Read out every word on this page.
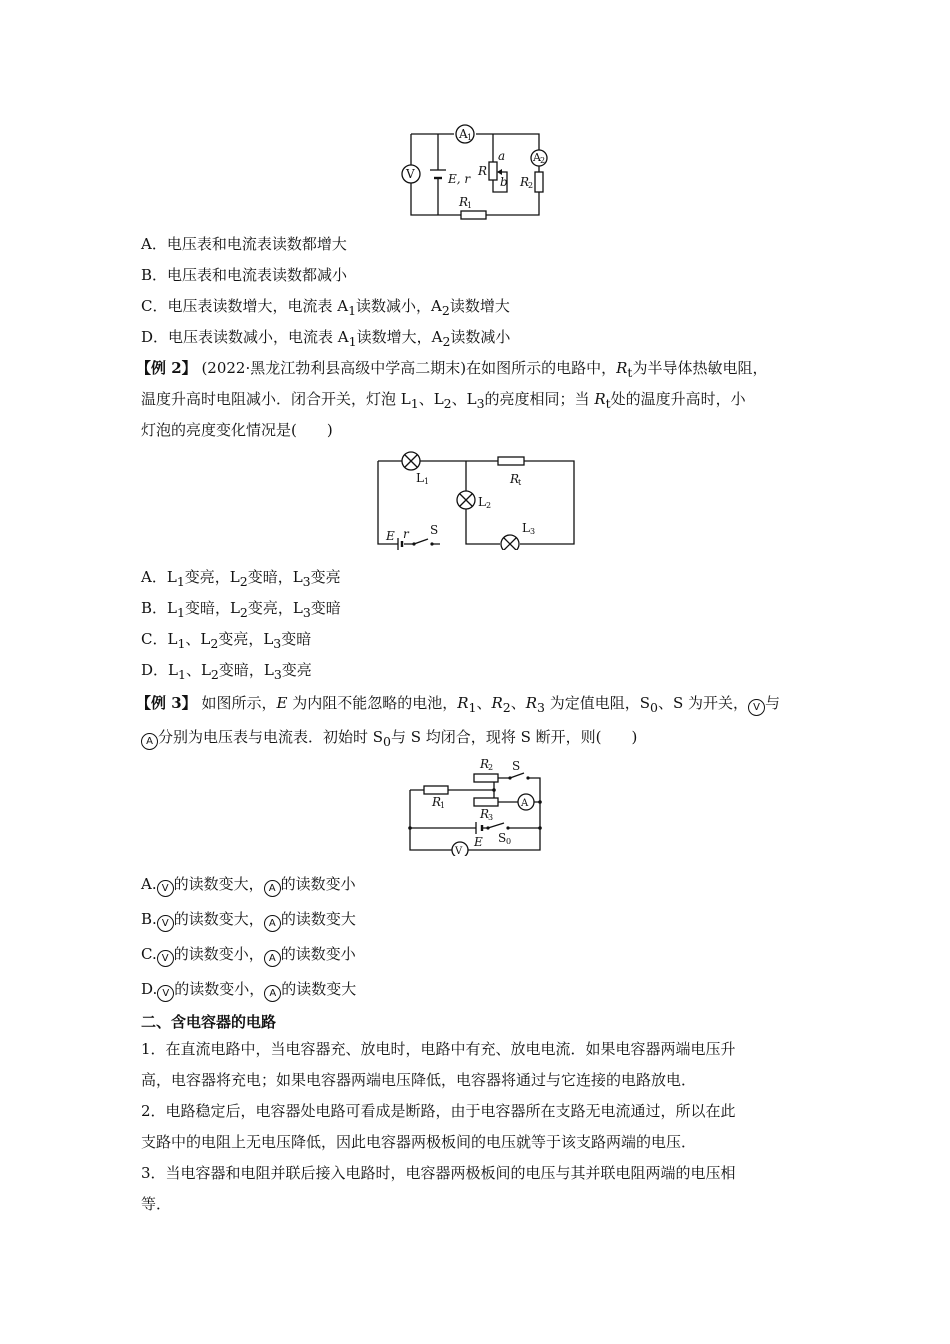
A 1
V
A 2
E, r
R
a
b R
2
R
1
A．电压表和电流表读数都增大
B．电压表和电流表读数都减小
C．电压表读数增大，电流表 $A_1$读数减小，$A_2$读数增大
D．电压表读数减小，电流表 $A_1$读数增大，$A_2$读数减小
【例 2】 (2022·黑龙江勃利县高级中学高二期末)在如图所示的电路中，$R_t$为半导体热敏电阻，
温度升高时电阻减小．闭合开关，灯泡 $L_1$、$L_2$、$L_3$的亮度相同；当 $R_t$处的温度升高时，小
灯泡的亮度变化情况是(　　)
L 1
L 2
L 3
R
t
E r S
A．$L_1$变亮，$L_2$变暗，$L_3$变亮
B．$L_1$变暗，$L_2$变亮，$L_3$变暗
C．$L_1$、$L_2$变亮，$L_3$变暗
D．$L_1$、$L_2$变暗，$L_3$变亮
【例 3】 如图所示，E 为内阻不能忽略的电池，$R_1$、$R_2$、$R_3$ 为定值电阻，$S_0$、S 为开关， V 与
A 分别为电压表与电流表．初始时 $S_0$与 S 均闭合，现将 S 断开，则(　　)
R
1
R
2
R
3
S
A
V
E S 0
A. V 的读数变大， A 的读数变小
B. V 的读数变大， A 的读数变大
C. V 的读数变小， A 的读数变小
D. V 的读数变小， A 的读数变大
二、含电容器的电路
1．在直流电路中，当电容器充、放电时，电路中有充、放电电流．如果电容器两端电压升
高，电容器将充电；如果电容器两端电压降低，电容器将通过与它连接的电路放电．
2．电路稳定后，电容器处电路可看成是断路，由于电容器所在支路无电流通过，所以在此
支路中的电阻上无电压降低，因此电容器两极板间的电压就等于该支路两端的电压．
3．当电容器和电阻并联后接入电路时，电容器两极板间的电压与其并联电阻两端的电压相
等．
